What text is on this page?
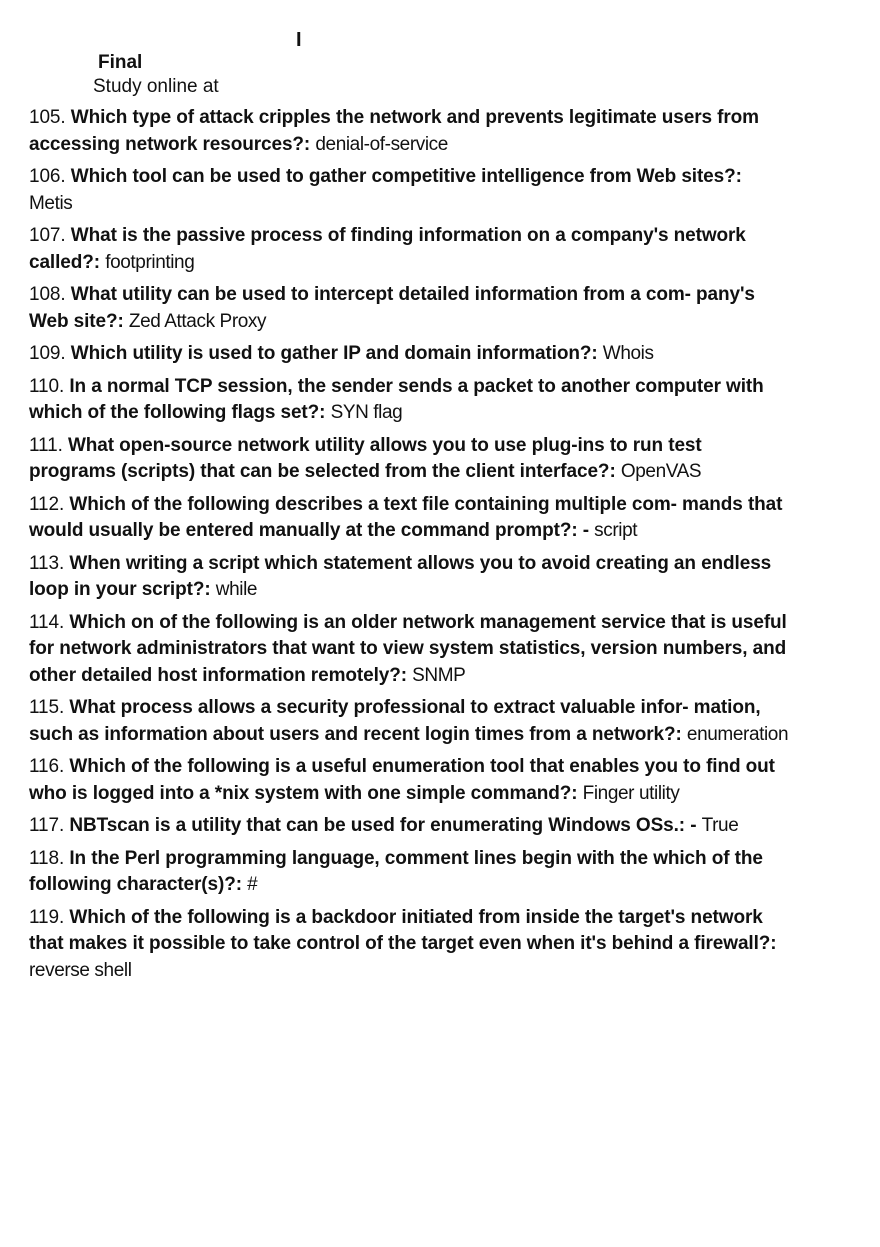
I
Final
Study online at
105. Which type of attack cripples the network and prevents legitimate users from accessing network resources?: denial-of-service
106. Which tool can be used to gather competitive intelligence from Web sites?: Metis
107. What is the passive process of finding information on a company's network called?: footprinting
108. What utility can be used to intercept detailed information from a com- pany's Web site?: Zed Attack Proxy
109. Which utility is used to gather IP and domain information?: Whois
110. In a normal TCP session, the sender sends a packet to another computer with which of the following flags set?: SYN flag
111. What open-source network utility allows you to use plug-ins to run test programs (scripts) that can be selected from the client interface?: OpenVAS
112. Which of the following describes a text file containing multiple com- mands that would usually be entered manually at the command prompt?: - script
113. When writing a script which statement allows you to avoid creating an endless loop in your script?: while
114. Which on of the following is an older network management service that is useful for network administrators that want to view system statistics, version numbers, and other detailed host information remotely?: SNMP
115. What process allows a security professional to extract valuable infor- mation, such as information about users and recent login times from a network?: enumeration
116. Which of the following is a useful enumeration tool that enables you to find out who is logged into a *nix system with one simple command?: Finger utility
117. NBTscan is a utility that can be used for enumerating Windows OSs.: - True
118. In the Perl programming language, comment lines begin with the which of the following character(s)?: #
119. Which of the following is a backdoor initiated from inside the target's network that makes it possible to take control of the target even when it's behind a firewall?: reverse shell
